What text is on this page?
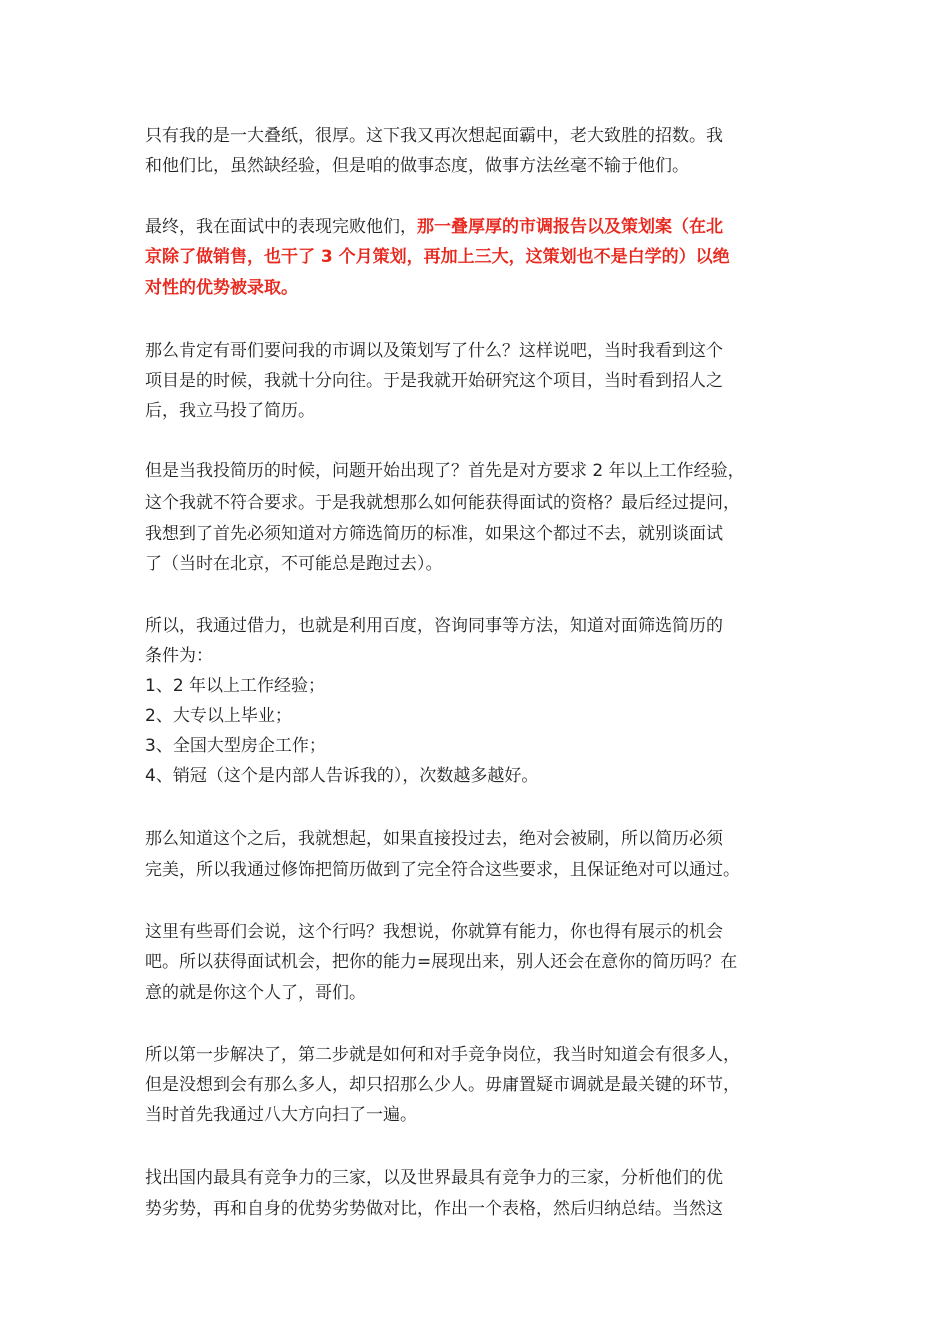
只有我的是一大叠纸，很厚。这下我又再次想起面霸中，老大致胜的招数。我
和他们比，虽然缺经验，但是咱的做事态度，做事方法丝毫不输于他们。
最终，我在面试中的表现完败他们，那一叠厚厚的市调报告以及策划案（在北
京除了做销售，也干了 3 个月策划，再加上三大，这策划也不是白学的）以绝
对性的优势被录取。
那么肯定有哥们要问我的市调以及策划写了什么？这样说吧，当时我看到这个
项目是的时候，我就十分向往。于是我就开始研究这个项目，当时看到招人之
后，我立马投了简历。
但是当我投简历的时候，问题开始出现了？首先是对方要求 2 年以上工作经验，
这个我就不符合要求。于是我就想那么如何能获得面试的资格？最后经过提问，
我想到了首先必须知道对方筛选简历的标准，如果这个都过不去，就别谈面试
了（当时在北京，不可能总是跑过去）。
所以，我通过借力，也就是利用百度，咨询同事等方法，知道对面筛选简历的
条件为：
1、2 年以上工作经验；
2、大专以上毕业；
3、全国大型房企工作；
4、销冠（这个是内部人告诉我的），次数越多越好。
那么知道这个之后，我就想起，如果直接投过去，绝对会被刷，所以简历必须
完美，所以我通过修饰把简历做到了完全符合这些要求，且保证绝对可以通过。
这里有些哥们会说，这个行吗？我想说，你就算有能力，你也得有展示的机会
吧。所以获得面试机会，把你的能力=展现出来，别人还会在意你的简历吗？在
意的就是你这个人了，哥们。
所以第一步解决了，第二步就是如何和对手竞争岗位，我当时知道会有很多人，
但是没想到会有那么多人，却只招那么少人。毋庸置疑市调就是最关键的环节，
当时首先我通过八大方向扫了一遍。
找出国内最具有竞争力的三家，以及世界最具有竞争力的三家，分析他们的优
势劣势，再和自身的优势劣势做对比，作出一个表格，然后归纳总结。当然这
